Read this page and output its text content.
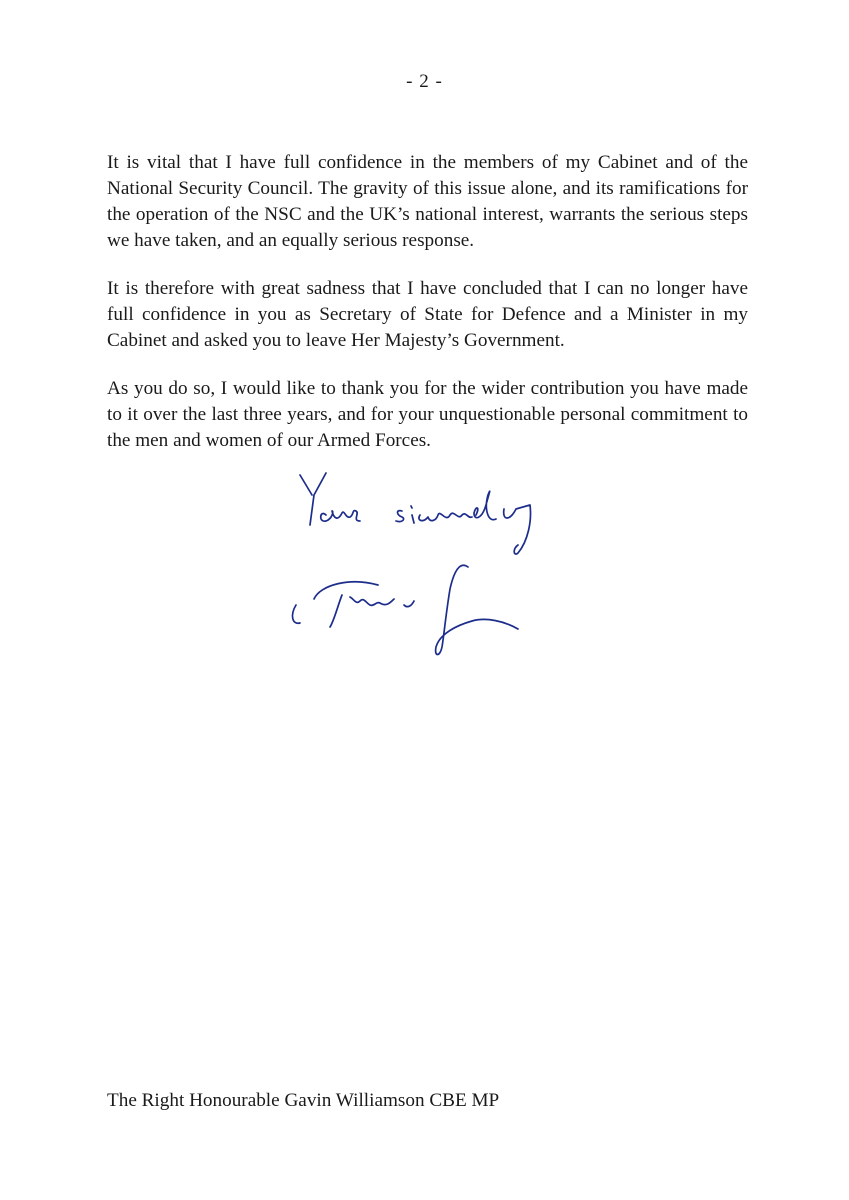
- 2 -

It is vital that I have full confidence in the members of my Cabinet and of the National Security Council. The gravity of this issue alone, and its ramifications for the operation of the NSC and the UK’s national interest, warrants the serious steps we have taken, and an equally serious response.

It is therefore with great sadness that I have concluded that I can no longer have full confidence in you as Secretary of State for Defence and a Minister in my Cabinet and asked you to leave Her Majesty’s Government.

As you do so, I would like to thank you for the wider contribution you have made to it over the last three years, and for your unquestionable personal commitment to the men and women of our Armed Forces.

The Right Honourable Gavin Williamson CBE MP
